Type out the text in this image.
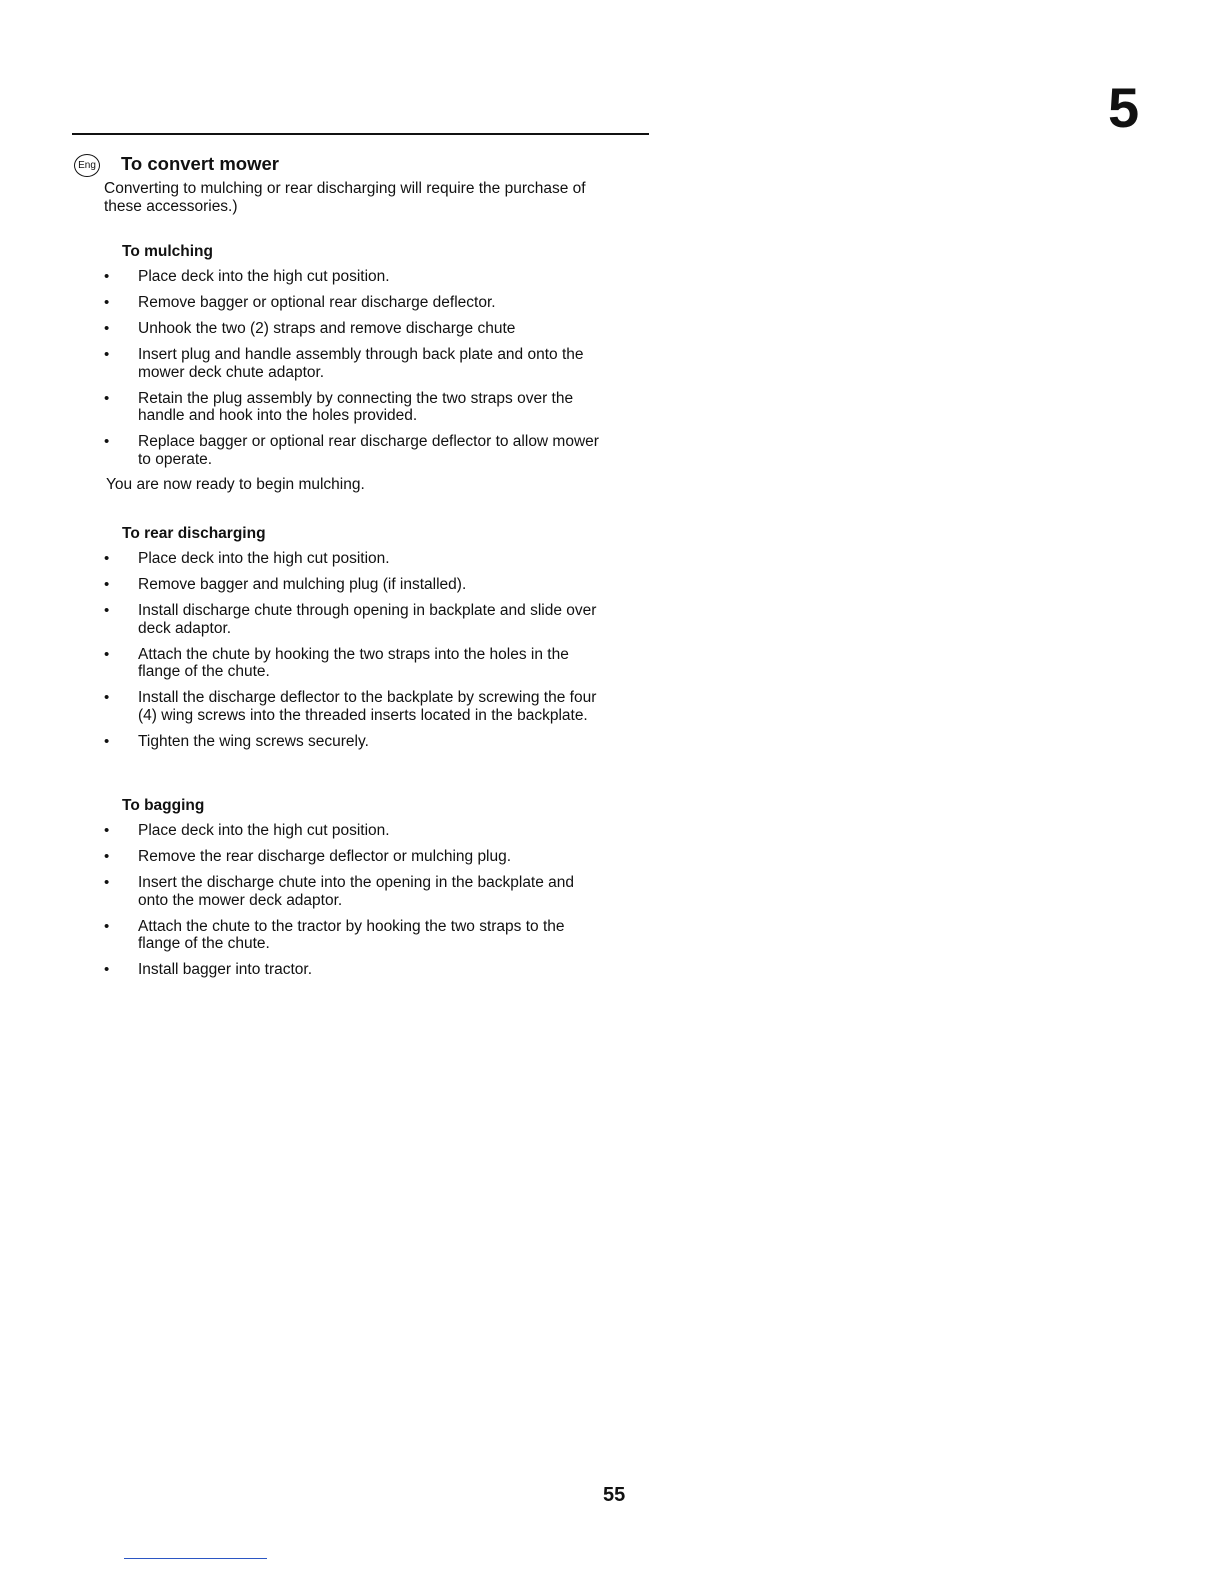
5
Eng To convert mower

Converting to mulching or rear discharging will require the purchase of these accessories.)

To mulching
•	Place deck into the high cut position.
•	Remove bagger or optional rear discharge deflector.
•	Unhook the two (2) straps and remove discharge chute
•	Insert plug and handle assembly through back plate and onto the mower deck chute adaptor.
•	Retain the plug assembly by connecting the two straps over the handle and hook into the holes provided.
•	Replace bagger or optional rear discharge deflector to allow mower to operate.

You are now ready to begin mulching.

To rear discharging
•	Place deck into the high cut position.
•	Remove bagger and mulching plug (if installed).
•	Install discharge chute through opening in backplate and slide over deck adaptor.
•	Attach the chute by hooking the two straps into the holes in the flange of the chute.
•	Install the discharge deflector to the backplate by screwing the four (4) wing screws into the threaded inserts located in the backplate.
•	Tighten the wing screws securely.
To bagging
•	Place deck into the high cut position.
•	Remove the rear discharge deflector or mulching plug.
•	Insert the discharge chute into the opening in the backplate and onto the mower deck adaptor.
•	Attach the chute to the tractor by hooking the two straps to the flange of the chute.
•	Install bagger into tractor.
55
